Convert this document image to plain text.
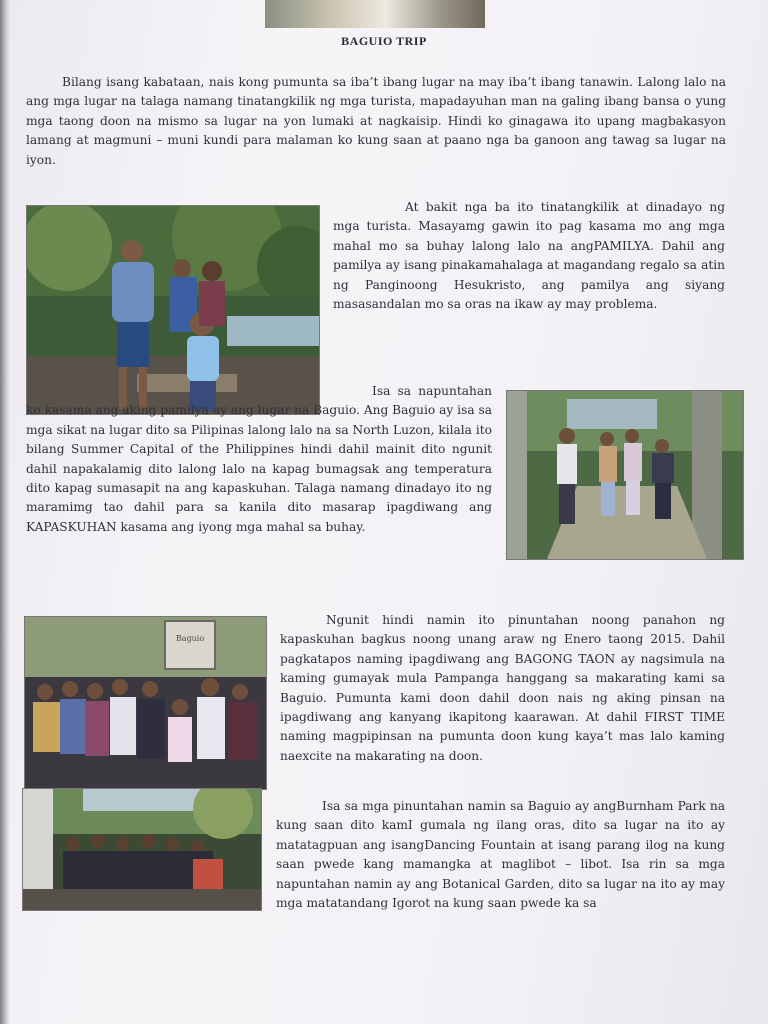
BAGUIO TRIP

Bilang isang kabataan, nais kong pumunta sa iba’t ibang lugar na may iba’t ibang tanawin. Lalong lalo na ang mga lugar na talaga namang tinatangkilik ng mga turista, mapadayuhan man na galing ibang bansa o yung mga taong doon na mismo sa lugar na yon lumaki at nagkaisip. Hindi ko ginagawa ito upang magbakasyon lamang at magmuni – muni kundi para malaman ko kung saan at paano nga ba ganoon ang tawag sa lugar na iyon.

At bakit nga ba ito tinatangkilik at dinadayo ng mga turista. Masayamg gawin ito pag kasama mo ang mga mahal mo sa buhay lalong lalo na angPAMILYA. Dahil ang pamilya ay isang pinakamahalaga at magandang regalo sa atin ng Panginoong Hesukristo, ang pamilya ang siyang masasandalan mo sa oras na ikaw ay may problema.

Isa sa napuntahan ko kasama ang aking pamilya ay ang lugar na Baguio. Ang Baguio ay isa sa mga sikat na lugar dito sa Pilipinas lalong lalo na sa North Luzon, kilala ito bilang Summer Capital of the Philippines hindi dahil mainit dito ngunit dahil napakalamig dito lalong lalo na kapag bumagsak ang temperatura dito kapag sumasapit na ang kapaskuhan. Talaga namang dinadayo ito ng maramimg tao dahil para sa kanila dito masarap ipagdiwang ang KAPASKUHAN kasama ang iyong mga mahal sa buhay.

Baguio

Ngunit hindi namin ito pinuntahan noong panahon ng kapaskuhan bagkus noong unang araw ng Enero taong 2015. Dahil pagkatapos naming ipagdiwang ang BAGONG TAON ay nagsimula na kaming gumayak mula Pampanga hanggang sa makarating kami sa Baguio. Pumunta kami doon dahil doon nais ng aking pinsan na ipagdiwang ang kanyang ikapitong kaarawan. At dahil FIRST TIME naming magpipinsan na pumunta doon kung kaya’t mas lalo kaming naexcite na makarating na doon.

Isa sa mga pinuntahan namin sa Baguio ay angBurnham Park na kung saan dito kamI gumala ng ilang oras, dito sa lugar na ito ay matatagpuan ang isangDancing Fountain at isang parang ilog na kung saan pwede kang mamangka at maglibot – libot. Isa rin sa mga napuntahan namin ay ang Botanical Garden, dito sa lugar na ito ay may mga matatandang Igorot na kung saan pwede ka sa
